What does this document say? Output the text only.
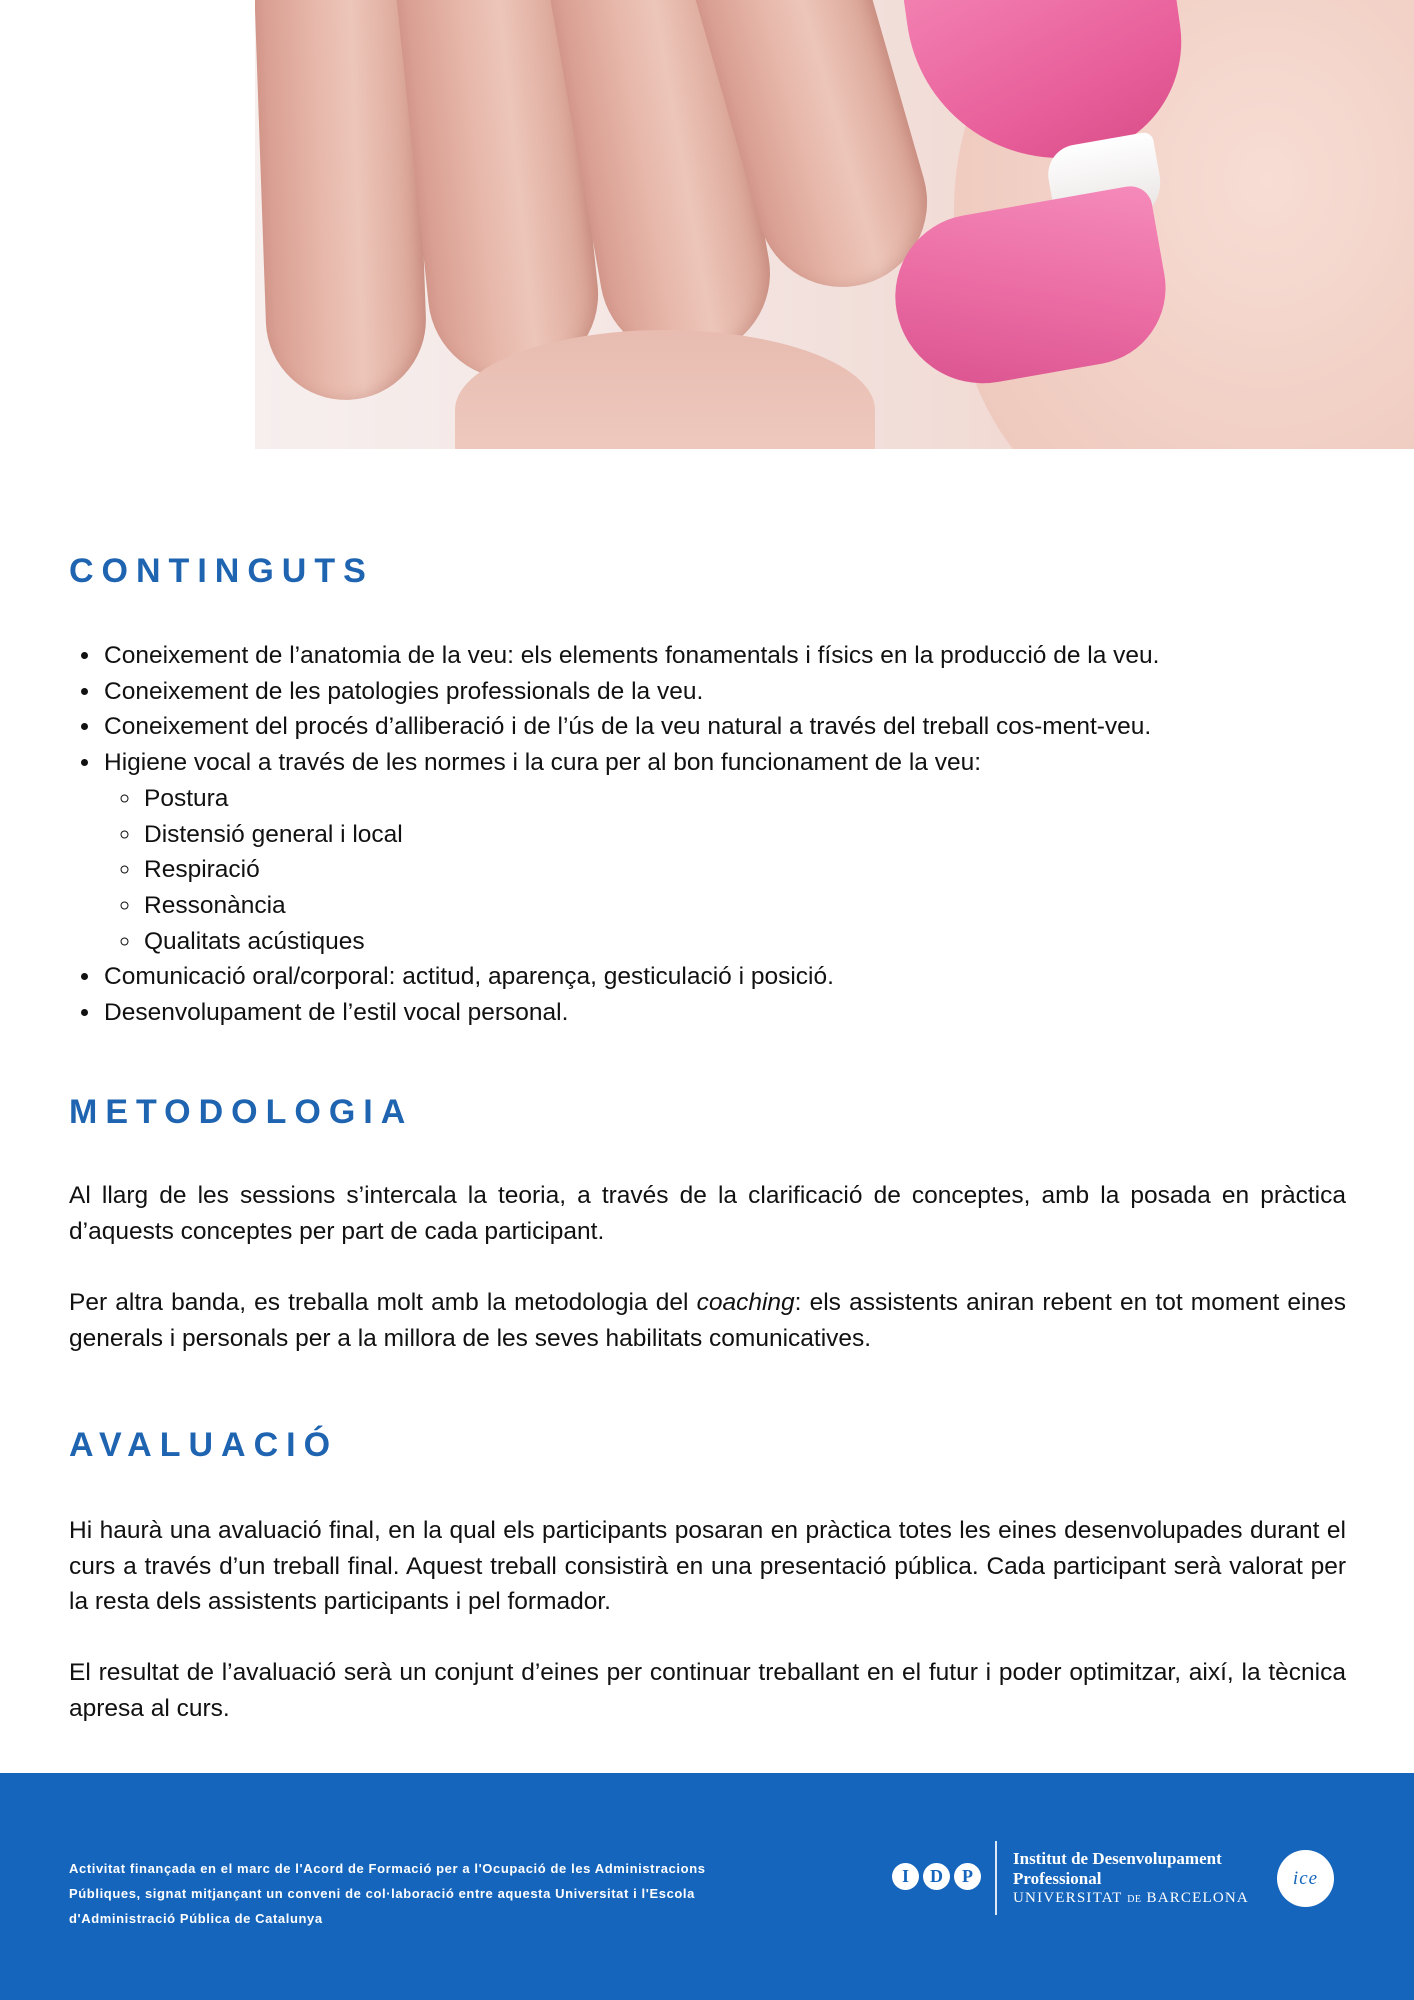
CONTINGUTS
• Coneixement de l’anatomia de la veu: els elements fonamentals i físics en la producció de la veu.
• Coneixement de les patologies professionals de la veu.
• Coneixement del procés d’alliberació i de l’ús de la veu natural a través del treball cos-ment-veu.
• Higiene vocal a través de les normes i la cura per al bon funcionament de la veu:
◦ Postura
◦ Distensió general i local
◦ Respiració
◦ Ressonància
◦ Qualitats acústiques
• Comunicació oral/corporal: actitud, aparença, gesticulació i posició.
• Desenvolupament de l’estil vocal personal.
METODOLOGIA

Al llarg de les sessions s’intercala la teoria, a través de la clarificació de conceptes, amb la posada en pràctica d’aquests conceptes per part de cada participant.

Per altra banda, es treballa molt amb la metodologia del coaching: els assistents aniran rebent en tot moment eines generals i personals per a la millora de les seves habilitats comunicatives.

AVALUACIÓ

Hi haurà una avaluació final, en la qual els participants posaran en pràctica totes les eines desenvolupades durant el curs a través d’un treball final. Aquest treball consistirà en una presentació pública. Cada participant serà valorat per la resta dels assistents participants i pel formador.

El resultat de l’avaluació serà un conjunt d’eines per continuar treballant en el futur i poder optimitzar, així, la tècnica apresa al curs.

Activitat finançada en el marc de l'Acord de Formació per a l'Ocupació de les Administracions Públiques, signat mitjançant un conveni de col·laboració entre aquesta Universitat i l'Escola d'Administració Pública de Catalunya

I	D	P

Institut de Desenvolupament
Professional

UNIVERSITAT DE BARCELONA

ice
